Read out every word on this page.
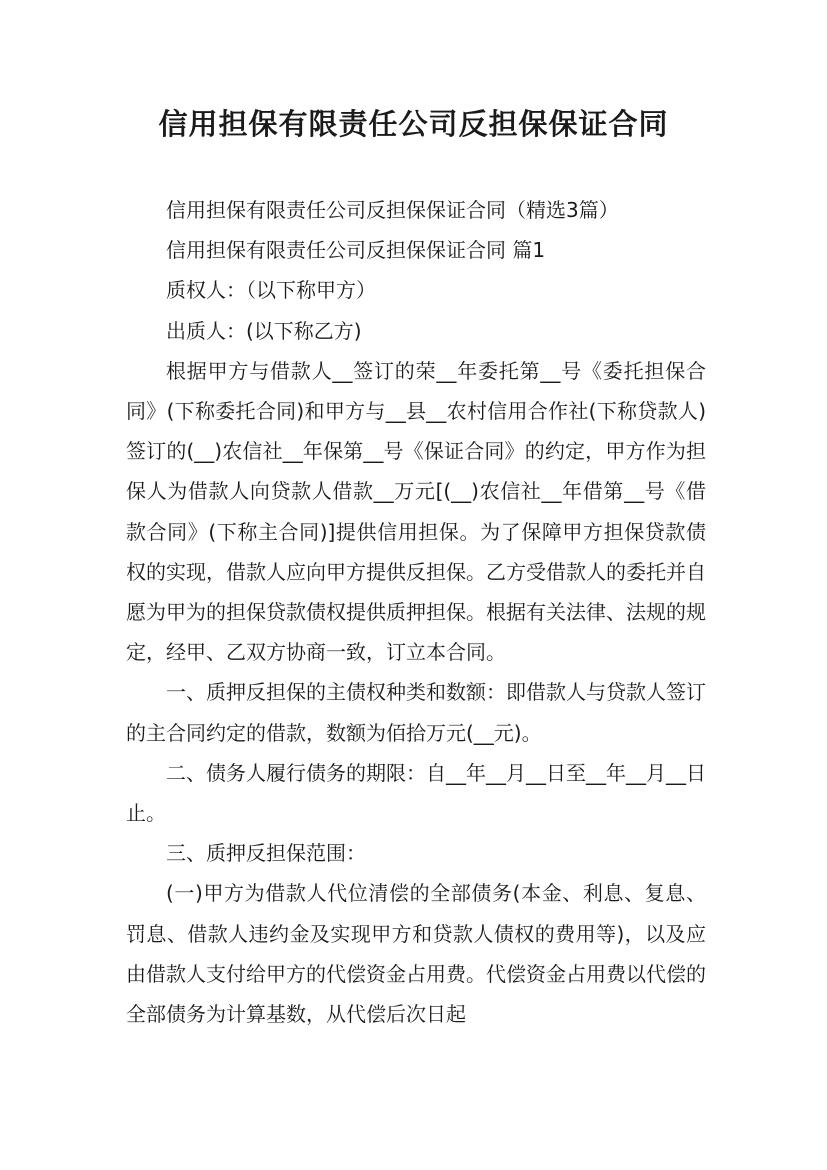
信用担保有限责任公司反担保保证合同

信用担保有限责任公司反担保保证合同（精选3篇）

信用担保有限责任公司反担保保证合同 篇1

质权人：（以下称甲方）

出质人：(以下称乙方)

根据甲方与借款人__签订的荣__年委托第__号《委托担保合同》(下称委托合同)和甲方与__县__农村信用合作社(下称贷款人)签订的(__)农信社__年保第__号《保证合同》的约定，甲方作为担保人为借款人向贷款人借款__万元[(__)农信社__年借第__号《借款合同》(下称主合同)]提供信用担保。为了保障甲方担保贷款债权的实现，借款人应向甲方提供反担保。乙方受借款人的委托并自愿为甲为的担保贷款债权提供质押担保。根据有关法律、法规的规定，经甲、乙双方协商一致，订立本合同。

一、质押反担保的主债权种类和数额：即借款人与贷款人签订的主合同约定的借款，数额为佰拾万元(__元)。

二、债务人履行债务的期限：自__年__月__日至__年__月__日止。

三、质押反担保范围：

(一)甲方为借款人代位清偿的全部债务(本金、利息、复息、罚息、借款人违约金及实现甲方和贷款人债权的费用等)，以及应由借款人支付给甲方的代偿资金占用费。代偿资金占用费以代偿的全部债务为计算基数，从代偿后次日起
